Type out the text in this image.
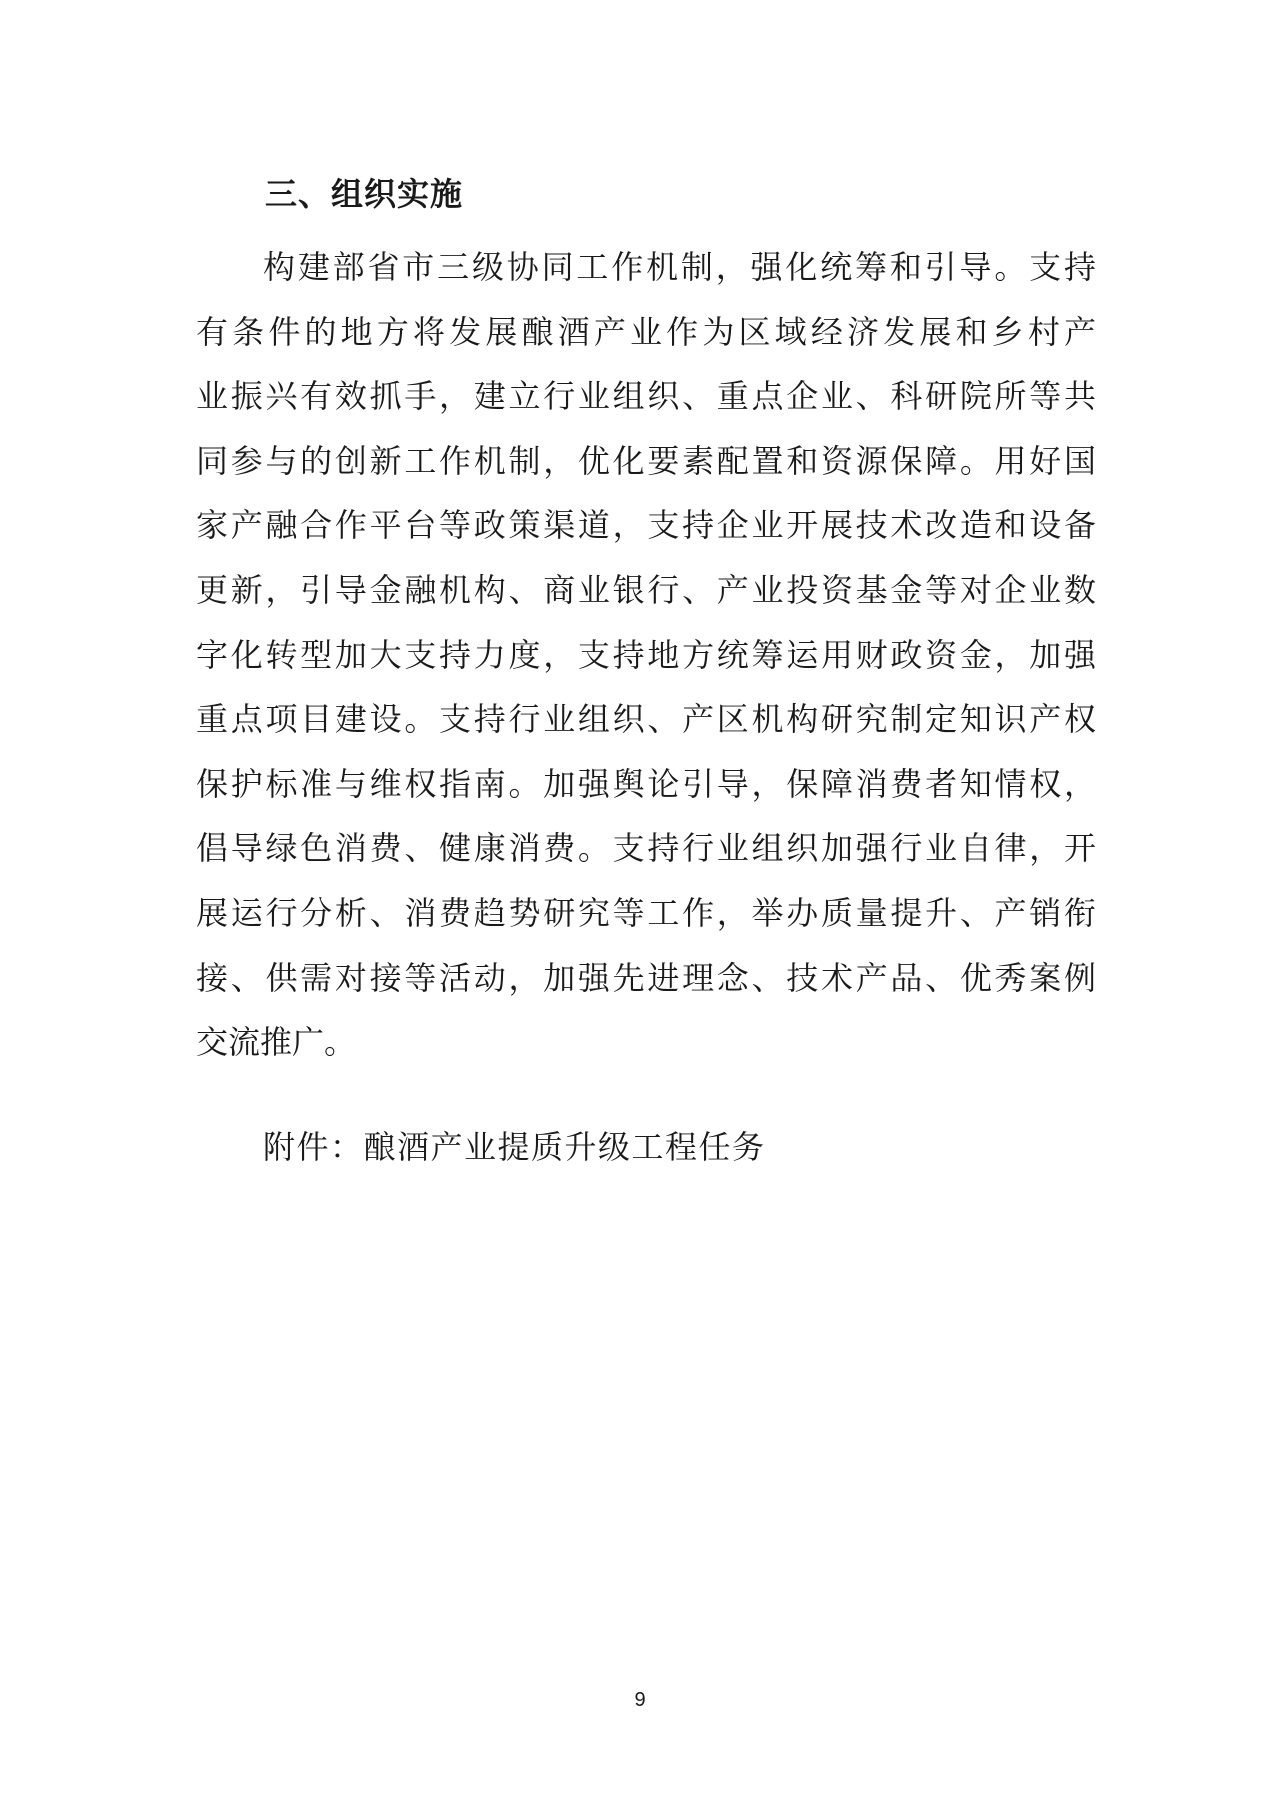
三、组织实施
构建部省市三级协同工作机制，强化统筹和引导。支持
有条件的地方将发展酿酒产业作为区域经济发展和乡村产
业振兴有效抓手，建立行业组织、重点企业、科研院所等共
同参与的创新工作机制，优化要素配置和资源保障。用好国
家产融合作平台等政策渠道，支持企业开展技术改造和设备
更新，引导金融机构、商业银行、产业投资基金等对企业数
字化转型加大支持力度，支持地方统筹运用财政资金，加强
重点项目建设。支持行业组织、产区机构研究制定知识产权
保护标准与维权指南。加强舆论引导，保障消费者知情权，
倡导绿色消费、健康消费。支持行业组织加强行业自律，开
展运行分析、消费趋势研究等工作，举办质量提升、产销衔
接、供需对接等活动，加强先进理念、技术产品、优秀案例
交流推广。
附件：酿酒产业提质升级工程任务
9
